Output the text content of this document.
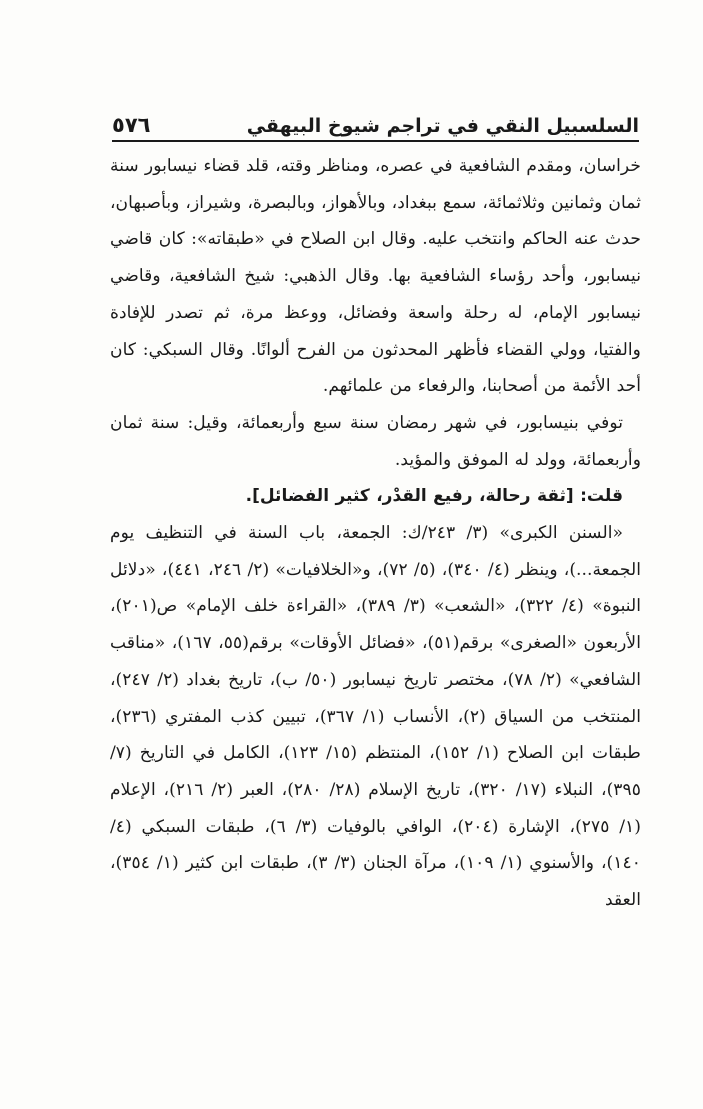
٥٧٦	السلسبيل النقي في تراجم شيوخ البيهقي

خراسان، ومقدم الشافعية في عصره، ومناظر وقته، قلد قضاء نيسابور سنة ثمان وثمانين وثلاثمائة، سمع ببغداد، وبالأهواز، وبالبصرة، وشيراز، وبأصبهان، حدث عنه الحاكم وانتخب عليه. وقال ابن الصلاح في «طبقاته»: كان قاضي نيسابور، وأحد رؤساء الشافعية بها. وقال الذهبي: شيخ الشافعية، وقاضي نيسابور الإمام، له رحلة واسعة وفضائل، ووعظ مرة، ثم تصدر للإفادة والفتيا، وولي القضاء فأظهر المحدثون من الفرح ألوانًا. وقال السبكي: كان أحد الأئمة من أصحابنا، والرفعاء من علمائهم.

توفي بنيسابور، في شهر رمضان سنة سبع وأربعمائة، وقيل: سنة ثمان وأربعمائة، وولد له الموفق والمؤيد.

قلت: [ثقة رحالة، رفيع القدْر، كثير الفضائل].

«السنن الكبرى» (٣/ ٢٤٣/ك: الجمعة، باب السنة في التنظيف يوم الجمعة...)، وينظر (٤/ ٣٤٠)، (٥/ ٧٢)، و«الخلافيات» (٢/ ٢٤٦، ٤٤١)، «دلائل النبوة» (٤/ ٣٢٢)، «الشعب» (٣/ ٣٨٩)، «القراءة خلف الإمام» ص(٢٠١)، الأربعون «الصغرى» برقم(٥١)، «فضائل الأوقات» برقم(٥٥، ١٦٧)، «مناقب الشافعي» (٢/ ٧٨)، مختصر تاريخ نيسابور (٥٠/ ب)، تاريخ بغداد (٢/ ٢٤٧)، المنتخب من السياق (٢)، الأنساب (١/ ٣٦٧)، تبيين كذب المفتري (٢٣٦)، طبقات ابن الصلاح (١/ ١٥٢)، المنتظم (١٥/ ١٢٣)، الكامل في التاريخ (٧/ ٣٩٥)، النبلاء (١٧/ ٣٢٠)، تاريخ الإسلام (٢٨/ ٢٨٠)، العبر (٢/ ٢١٦)، الإعلام (١/ ٢٧٥)، الإشارة (٢٠٤)، الوافي بالوفيات (٣/ ٦)، طبقات السبكي (٤/ ١٤٠)، والأسنوي (١/ ١٠٩)، مرآة الجنان (٣/ ٣)، طبقات ابن كثير (١/ ٣٥٤)، العقد
